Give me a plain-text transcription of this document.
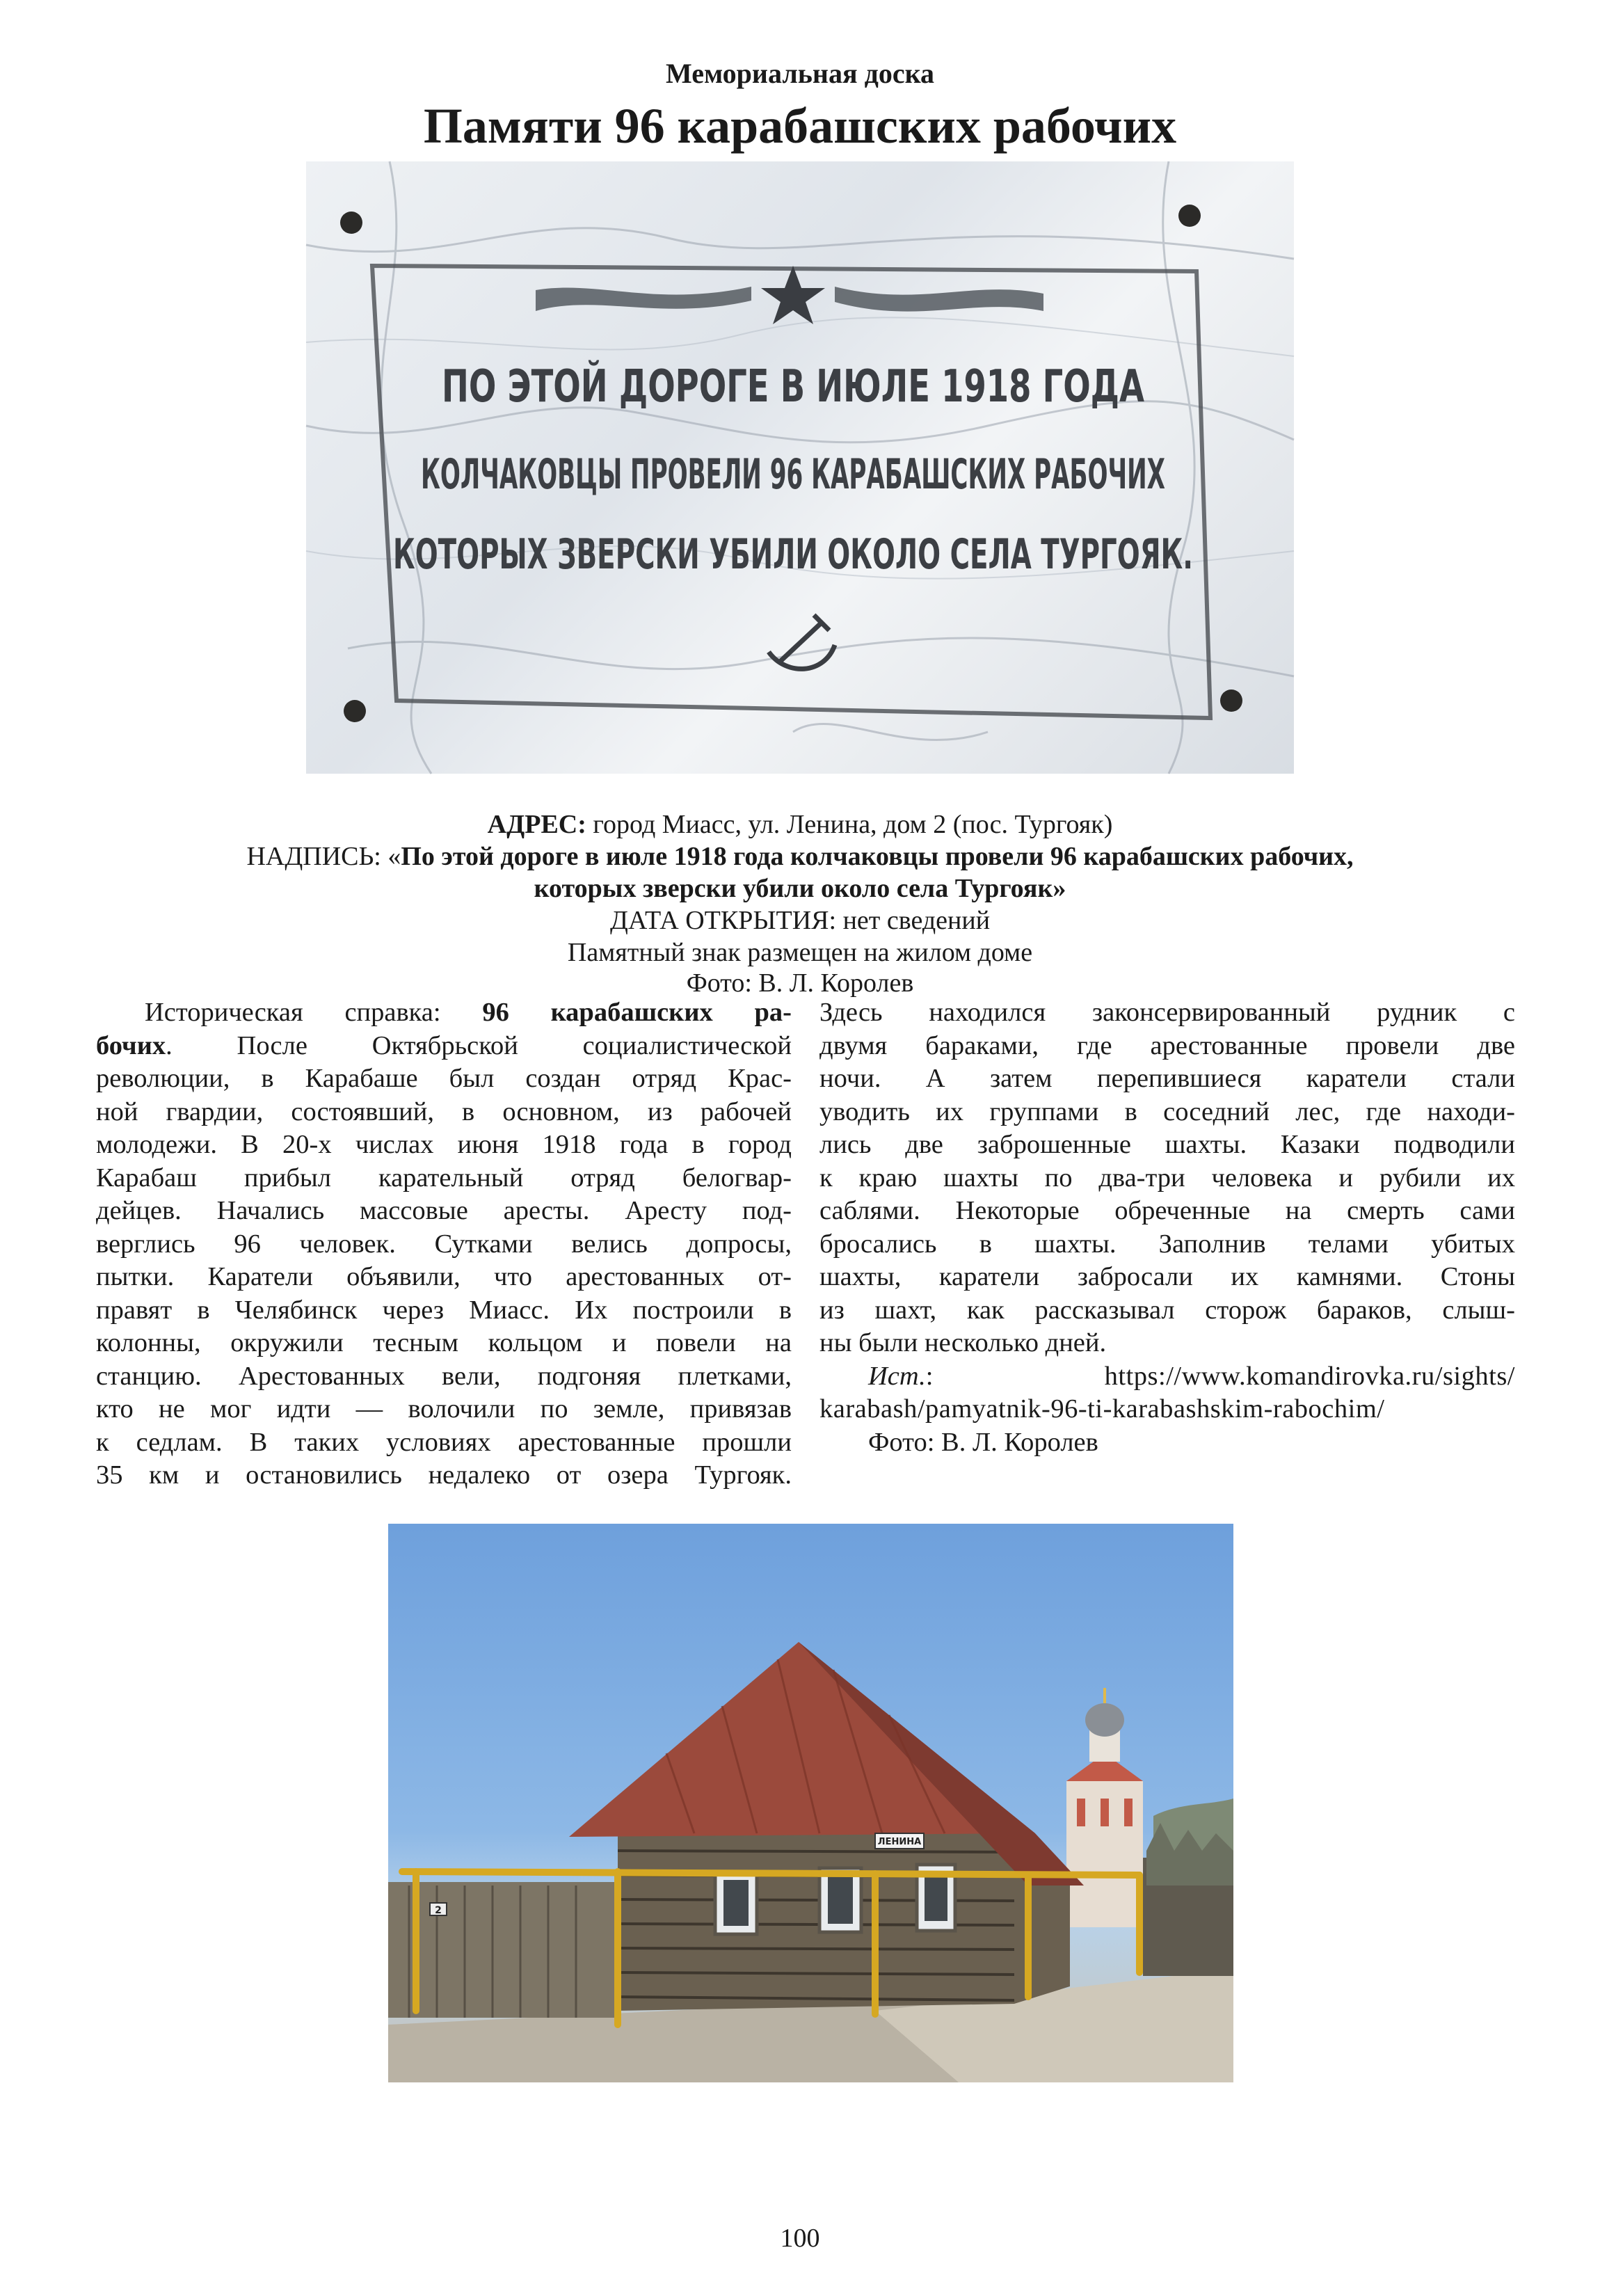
Мемориальная доска
Памяти 96 карабашских рабочих
ПО ЭТОЙ ДОРОГЕ В ИЮЛЕ 1918 ГОДА
КОЛЧАКОВЦЫ ПРОВЕЛИ 96 КАРАБАШСКИХ РАБОЧИХ
КОТОРЫХ ЗВЕРСКИ УБИЛИ ОКОЛО СЕЛА ТУРГОЯК.
АДРЕС: город Миасс, ул. Ленина, дом 2 (пос. Тургояк)
НАДПИСЬ: «По этой дороге в июле 1918 года колчаковцы провели 96 карабашских рабочих,
которых зверски убили около села Тургояк»
ДАТА ОТКРЫТИЯ: нет сведений
Памятный знак размещен на жилом доме
Фото: В. Л. Королев
Историческая справка: 96 карабашских ра-
бочих. После Октябрьской социалистической
революции, в Карабаше был создан отряд Крас-
ной гвардии, состоявший, в основном, из рабочей
молодежи. В 20-х числах июня 1918 года в город
Карабаш прибыл карательный отряд белогвар-
дейцев. Начались массовые аресты. Аресту под-
верглись 96 человек. Сутками велись допросы,
пытки. Каратели объявили, что арестованных от-
правят в Челябинск через Миасс. Их построили в
колонны, окружили тесным кольцом и повели на
станцию. Арестованных вели, подгоняя плетками,
кто не мог идти — волочили по земле, привязав
к седлам. В таких условиях арестованные прошли
35 км и остановились недалеко от озера Тургояк.
Здесь находился законсервированный рудник с
двумя бараками, где арестованные провели две
ночи. А затем перепившиеся каратели стали
уводить их группами в соседний лес, где находи-
лись две заброшенные шахты. Казаки подводили
к краю шахты по два-три человека и рубили их
саблями. Некоторые обреченные на смерть сами
бросались в шахты. Заполнив телами убитых
шахты, каратели забросали их камнями. Стоны
из шахт, как рассказывал сторож бараков, слыш-
ны были несколько дней.
Ист.: https://www.komandirovka.ru/sights/
karabash/pamyatnik-96-ti-karabashskim-rabochim/
Фото: В. Л. Королев
ЛЕНИНА
2
100
